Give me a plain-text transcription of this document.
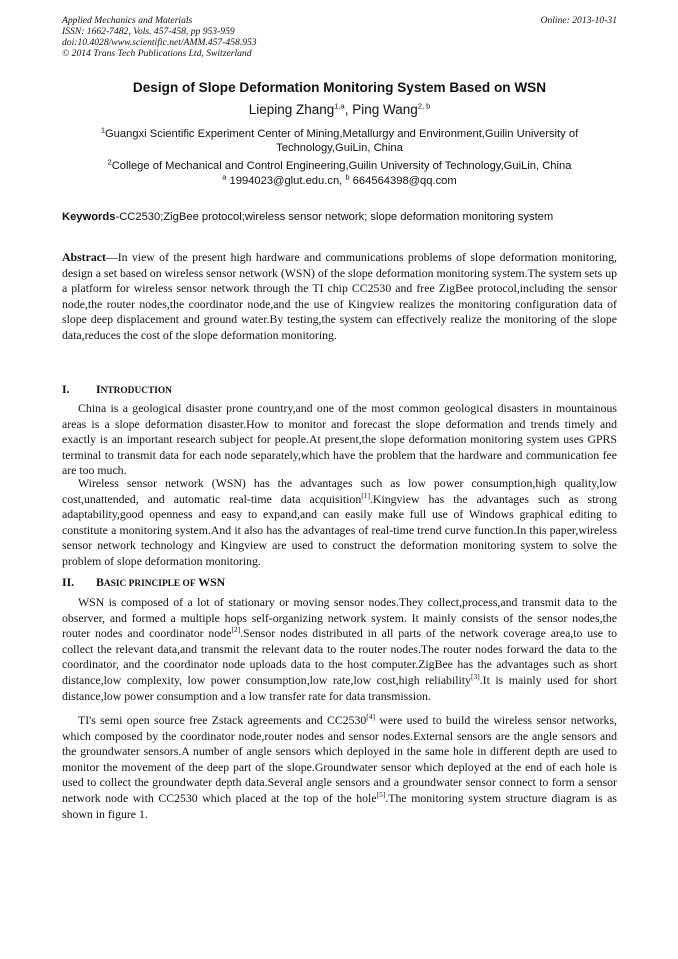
Applied Mechanics and Materials
ISSN: 1662-7482, Vols. 457-458, pp 953-959
doi:10.4028/www.scientific.net/AMM.457-458.953
© 2014 Trans Tech Publications Ltd, Switzerland
Online: 2013-10-31
Design of Slope Deformation Monitoring System Based on WSN
Lieping Zhang$^{1,a}$, Ping Wang$^{2, b}$
$^1$Guangxi Scientific Experiment Center of Mining,Metallurgy and Environment,Guilin University of Technology,GuiLin, China
$^2$College of Mechanical and Control Engineering,Guilin University of Technology,GuiLin, China
$^a$ 1994023@glut.edu.cn, $^b$ 664564398@qq.com
Keywords-CC2530;ZigBee protocol;wireless sensor network; slope deformation monitoring system
Abstract—In view of the present high hardware and communications problems of slope deformation monitoring, design a set based on wireless sensor network (WSN) of the slope deformation monitoring system.The system sets up a platform for wireless sensor network through the TI chip CC2530 and free ZigBee protocol,including the sensor node,the router nodes,the coordinator node,and the use of Kingview realizes the monitoring configuration data of slope deep displacement and ground water.By testing,the system can effectively realize the monitoring of the slope data,reduces the cost of the slope deformation monitoring.
I. INTRODUCTION
China is a geological disaster prone country,and one of the most common geological disasters in mountainous areas is a slope deformation disaster.How to monitor and forecast the slope deformation and trends timely and exactly is an important research subject for people.At present,the slope deformation monitoring system uses GPRS terminal to transmit data for each node separately,which have the problem that the hardware and communication fee are too much.
Wireless sensor network (WSN) has the advantages such as low power consumption,high quality,low cost,unattended, and automatic real-time data acquisition[1].Kingview has the advantages such as strong adaptability,good openness and easy to expand,and can easily make full use of Windows graphical editing to constitute a monitoring system.And it also has the advantages of real-time trend curve function.In this paper,wireless sensor network technology and Kingview are used to construct the deformation monitoring system to solve the problem of slope deformation monitoring.
II. BASIC PRINCIPLE OF WSN
WSN is composed of a lot of stationary or moving sensor nodes.They collect,process,and transmit data to the observer, and formed a multiple hops self-organizing network system. It mainly consists of the sensor nodes,the router nodes and coordinator node[2].Sensor nodes distributed in all parts of the network coverage area,to use to collect the relevant data,and transmit the relevant data to the router nodes.The router nodes forward the data to the coordinator, and the coordinator node uploads data to the host computer.ZigBee has the advantages such as short distance,low complexity, low power consumption,low rate,low cost,high reliability[3].It is mainly used for short distance,low power consumption and a low transfer rate for data transmission.
TI's semi open source free Zstack agreements and CC2530[4] were used to build the wireless sensor networks, which composed by the coordinator node,router nodes and sensor nodes.External sensors are the angle sensors and the groundwater sensors.A number of angle sensors which deployed in the same hole in different depth are used to monitor the movement of the deep part of the slope.Groundwater sensor which deployed at the end of each hole is used to collect the groundwater depth data.Several angle sensors and a groundwater sensor connect to form a sensor network node with CC2530 which placed at the top of the hole[5].The monitoring system structure diagram is as shown in figure 1.
